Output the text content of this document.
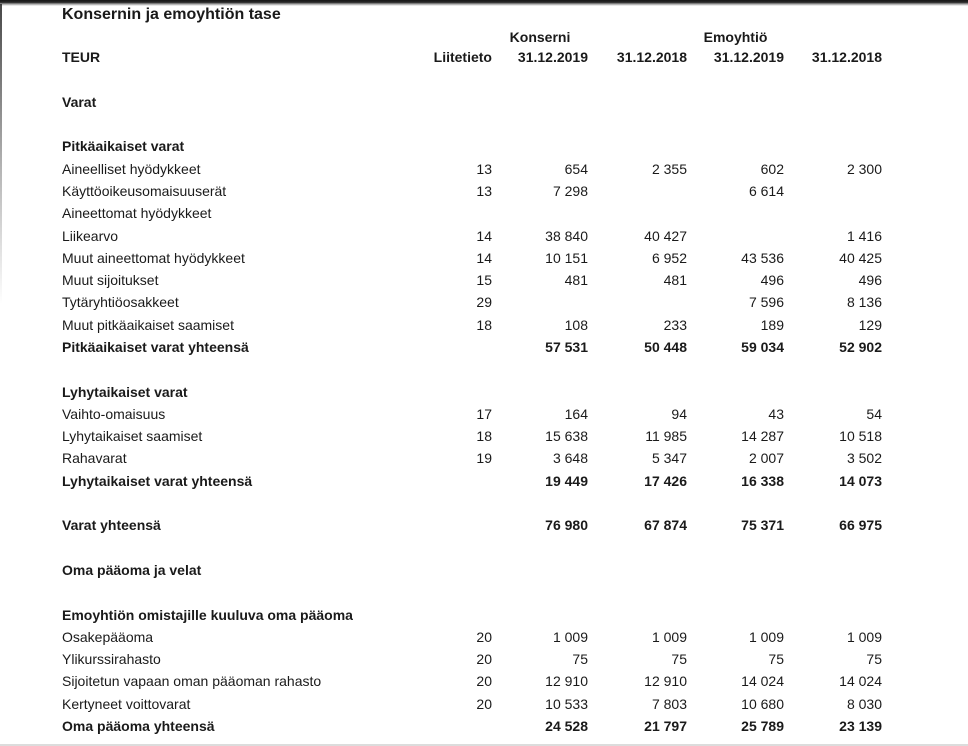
Konsernin ja emoyhtiön tase
		Konserni		Emoyhtiö	
TEUR	Liitetieto	31.12.2019	31.12.2018	31.12.2019	31.12.2018

Varat					

Pitkäaikaiset varat					
Aineelliset hyödykkeet	13	654	2 355	602	2 300
Käyttöoikeusomaisuuserät	13	7 298		6 614	
Aineettomat hyödykkeet					
Liikearvo	14	38 840	40 427		1 416
Muut aineettomat hyödykkeet	14	10 151	6 952	43 536	40 425
Muut sijoitukset	15	481	481	496	496
Tytäryhtiöosakkeet	29			7 596	8 136
Muut pitkäaikaiset saamiset	18	108	233	189	129
Pitkäaikaiset varat yhteensä		57 531	50 448	59 034	52 902

Lyhytaikaiset varat					
Vaihto-omaisuus	17	164	94	43	54
Lyhytaikaiset saamiset	18	15 638	11 985	14 287	10 518
Rahavarat	19	3 648	5 347	2 007	3 502
Lyhytaikaiset varat yhteensä		19 449	17 426	16 338	14 073

Varat yhteensä		76 980	67 874	75 371	66 975

Oma pääoma ja velat					

Emoyhtiön omistajille kuuluva oma pääoma					
Osakepääoma	20	1 009	1 009	1 009	1 009
Ylikurssirahasto	20	75	75	75	75
Sijoitetun vapaan oman pääoman rahasto	20	12 910	12 910	14 024	14 024
Kertyneet voittovarat	20	10 533	7 803	10 680	8 030
Oma pääoma yhteensä		24 528	21 797	25 789	23 139
